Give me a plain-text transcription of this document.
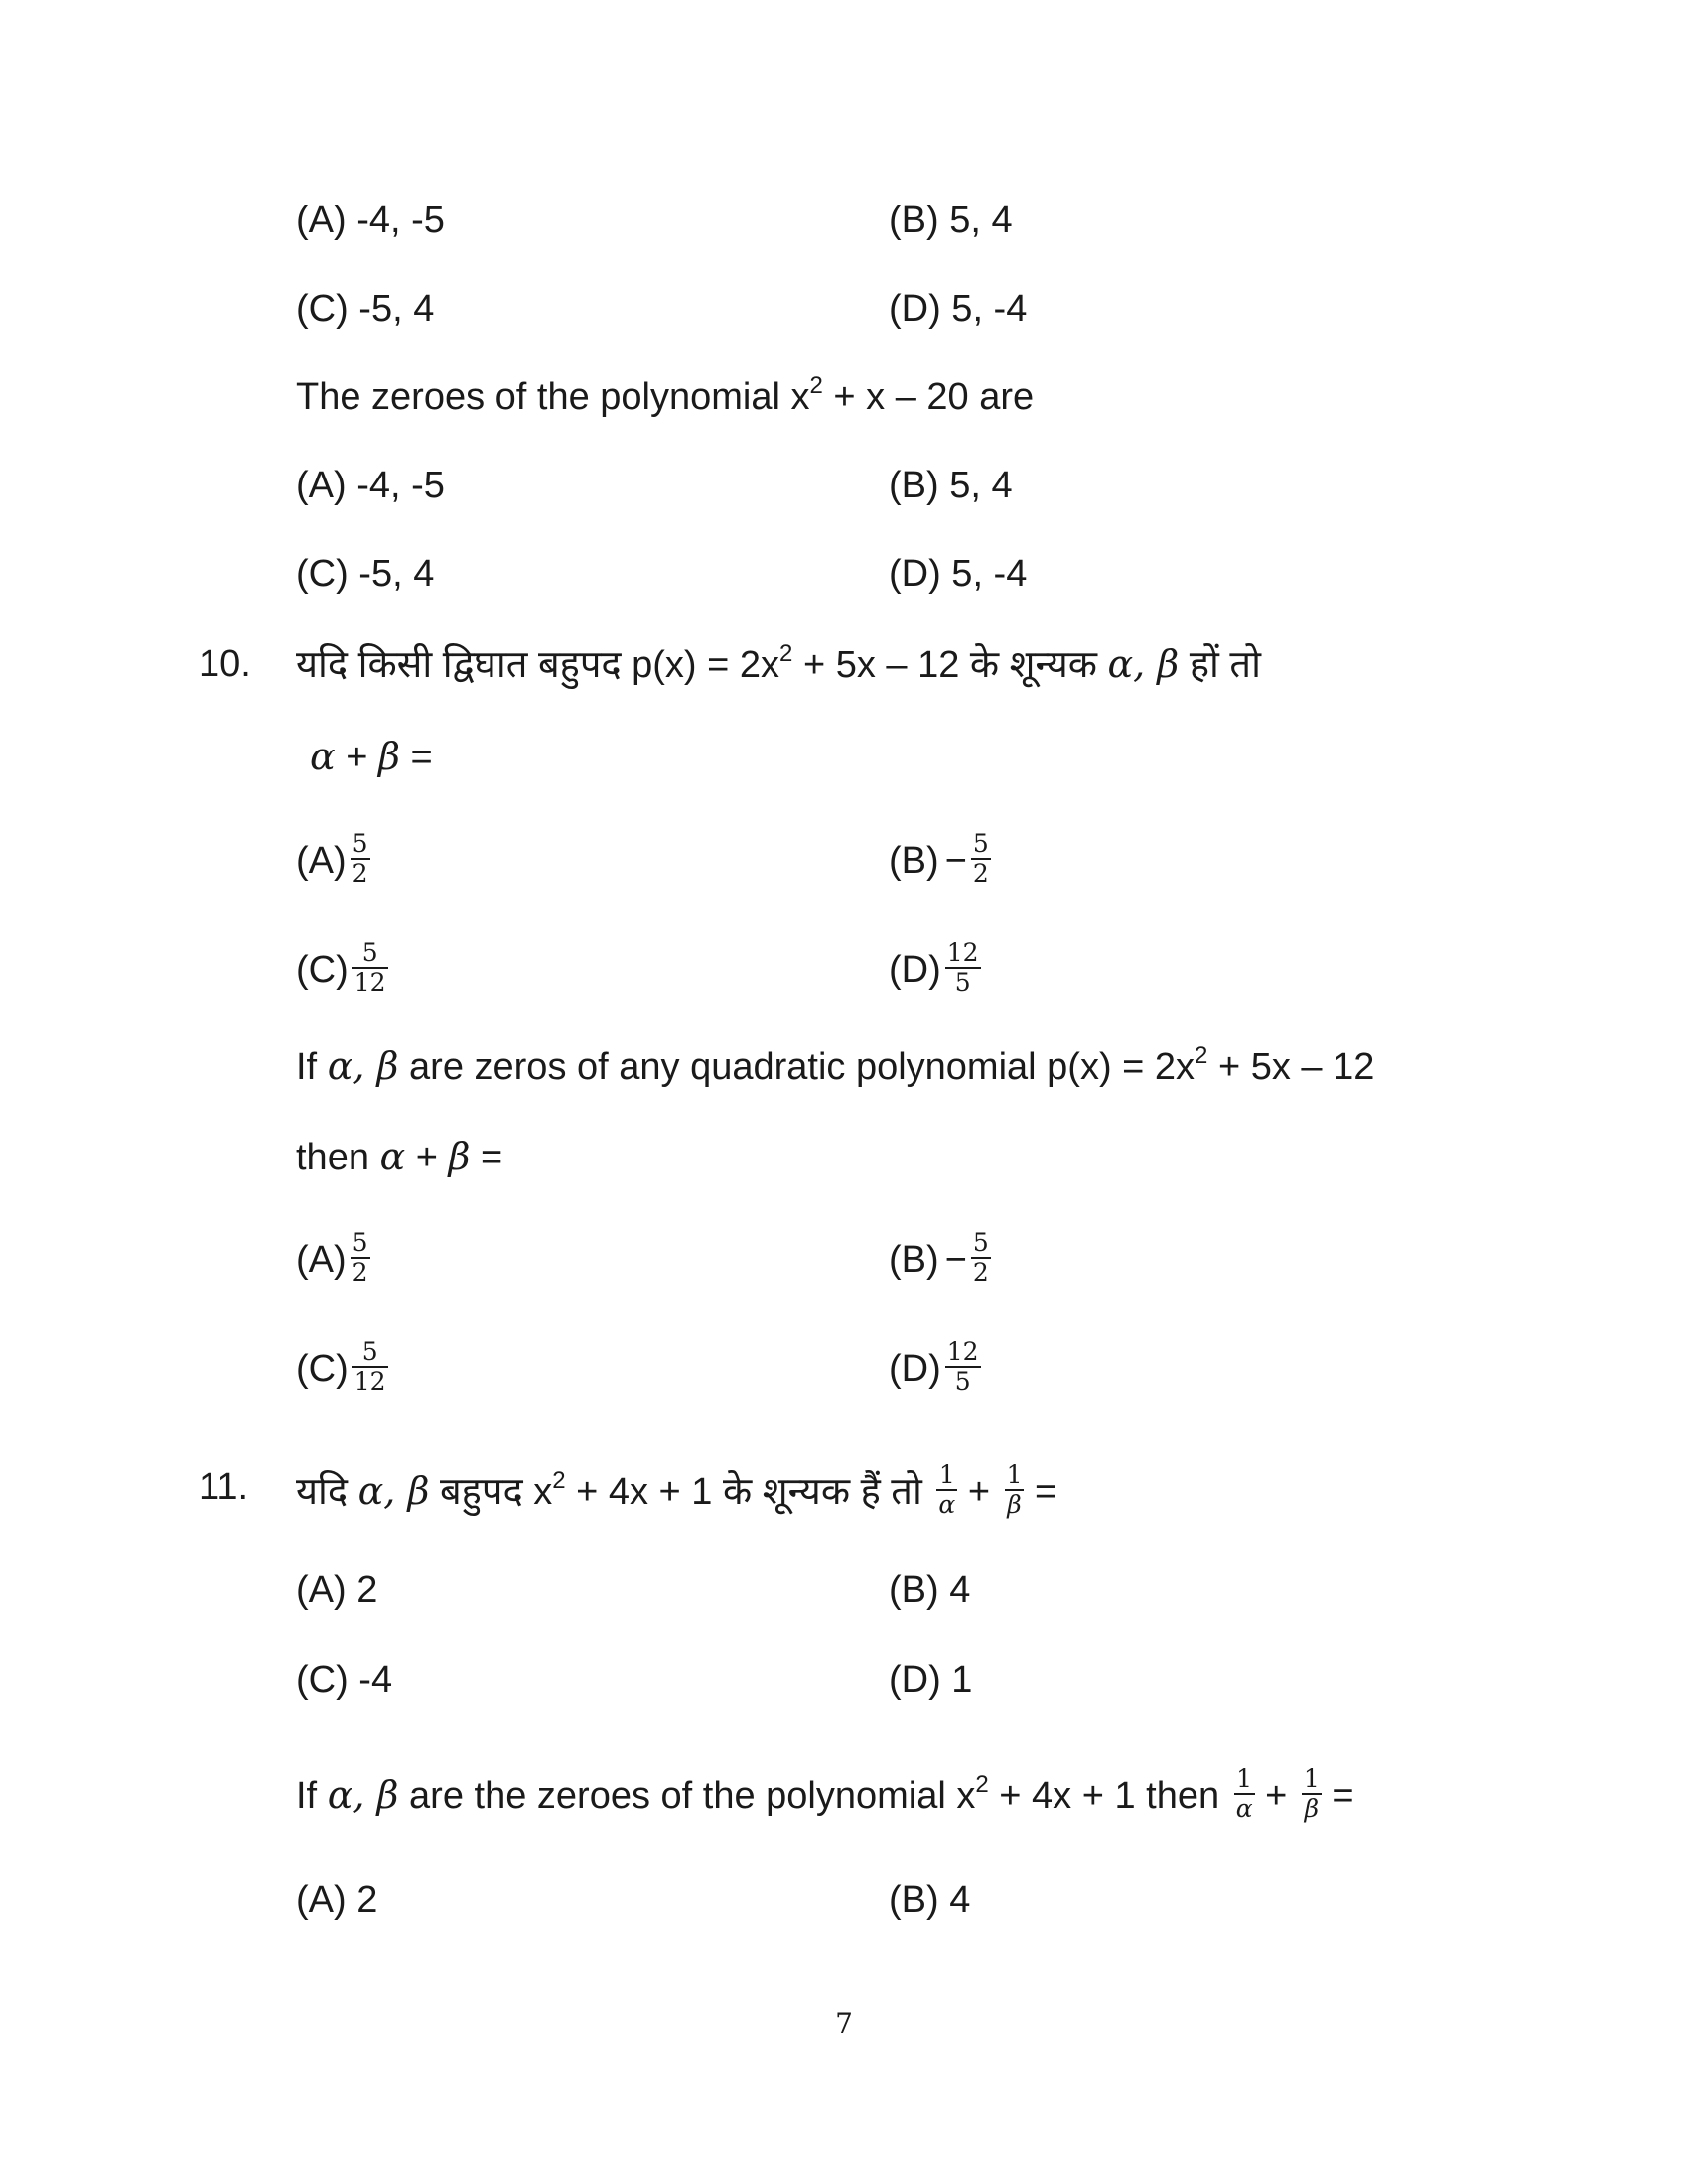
(A) -4, -5	(B) 5, 4
(C) -5, 4	(D) 5, -4
The zeroes of the polynomial $x^2 + x - 20$ are
(A) -4, -5	(B) 5, 4
(C) -5, 4	(D) 5, -4
10. यदि किसी द्विघात बहुपद $p(x) = 2x^2 + 5x - 12$ के शून्यक α, β हों तो
α + β =
$(A) \frac{5}{2}$	$(B) - \frac{5}{2}$
$(C) \frac{5}{12}$	$(D) \frac{12}{5}$
If α, β are zeros of any quadratic polynomial $p(x) = 2x^2 + 5x - 12$
then α + β =
$(A) \frac{5}{2}$	$(B) - \frac{5}{2}$
$(C) \frac{5}{12}$	$(D) \frac{12}{5}$
11. यदि α, β बहुपद $x^2 + 4x + 1$ के शून्यक हैं तो $\frac{1}{\alpha} + \frac{1}{\beta}$ =
(A) 2	(B) 4
(C) -4	(D) 1
If α, β are the zeroes of the polynomial $x^2 + 4x + 1$ then $\frac{1}{\alpha} + \frac{1}{\beta}$ =
(A) 2	(B) 4
7
